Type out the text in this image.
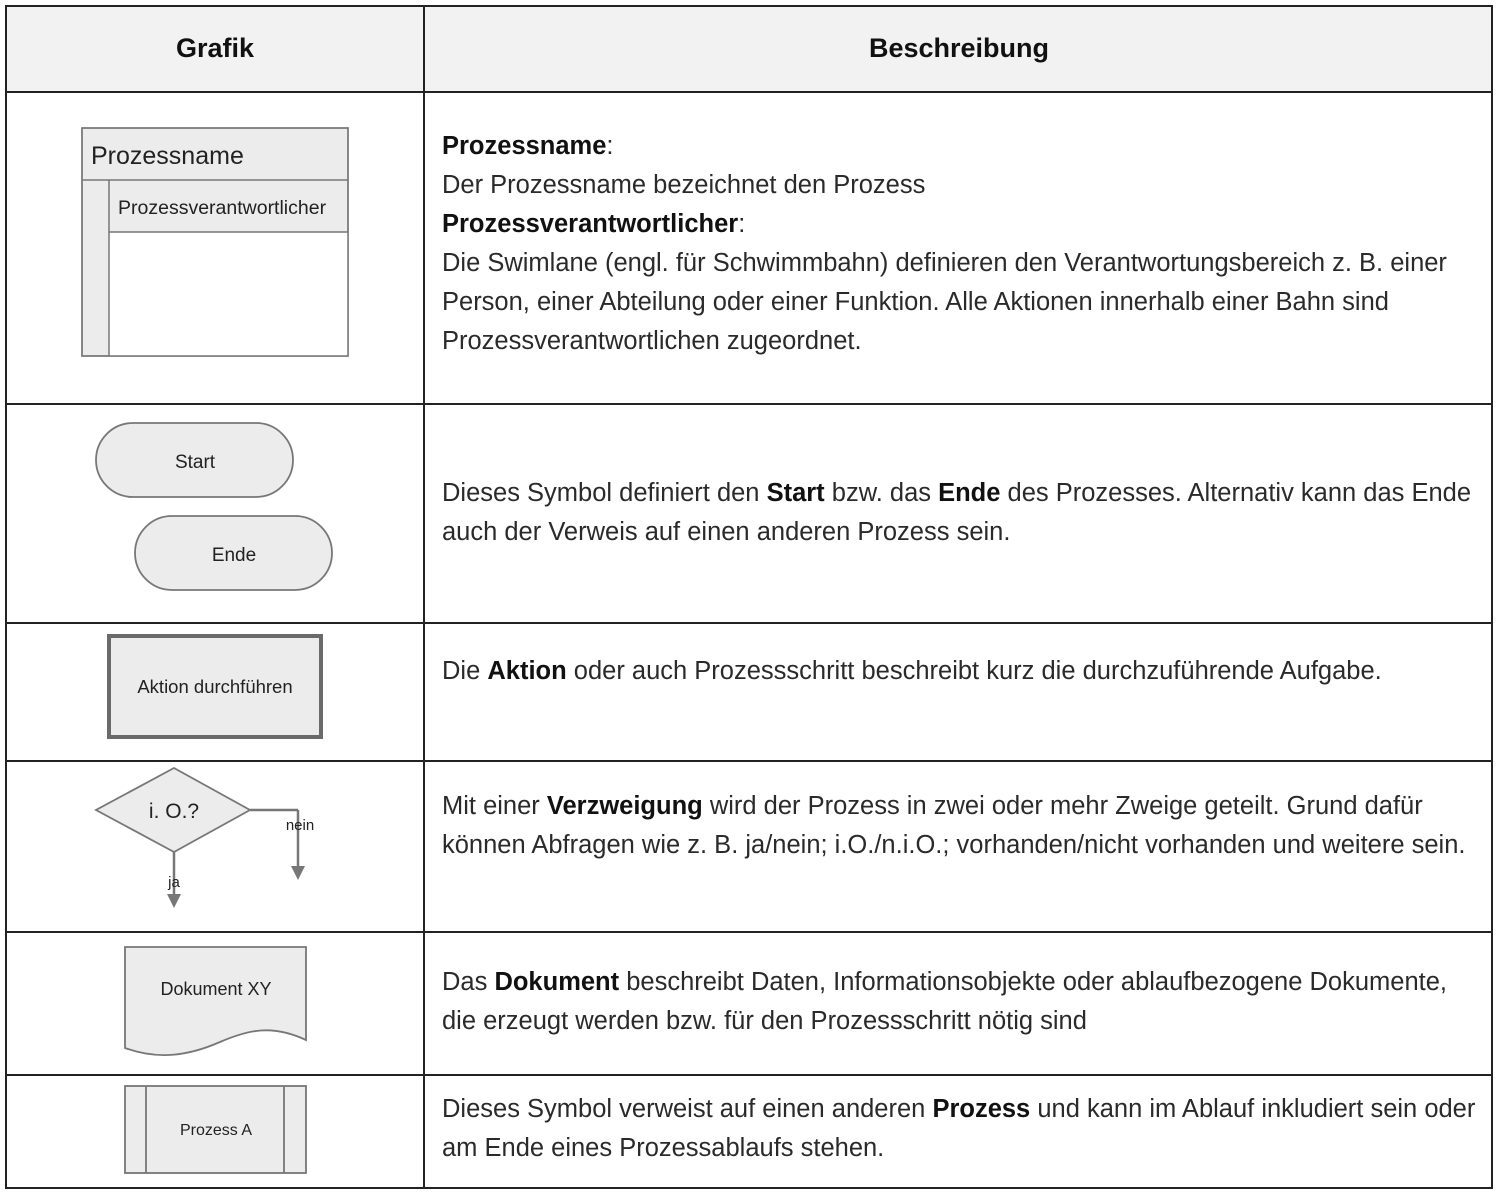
Grafik	Beschreibung
Prozessname
Prozessverantwortlicher
Prozessname:
Der Prozessname bezeichnet den Prozess
Prozessverantwortlicher:
Die Swimlane (engl. für Schwimmbahn) definieren den Verantwortungsbereich z. B. einer Person, einer Abteilung oder einer Funktion. Alle Aktionen innerhalb einer Bahn sind Prozessverantwortlichen zugeordnet.
Start
Ende
Dieses Symbol definiert den Start bzw. das Ende des Prozesses. Alternativ kann das Ende auch der Verweis auf einen anderen Prozess sein.
Aktion durchführen
Die Aktion oder auch Prozessschritt beschreibt kurz die durchzuführende Aufgabe.
i. O.?
nein
ja
Mit einer Verzweigung wird der Prozess in zwei oder mehr Zweige geteilt. Grund dafür können Abfragen wie z. B. ja/nein; i.O./n.i.O.; vorhanden/nicht vorhanden und weitere sein.
Dokument XY	Das Dokument beschreibt Daten, Informationsobjekte oder ablaufbezogene Dokumente, die erzeugt werden bzw. für den Prozessschritt nötig sind
Prozess A
Dieses Symbol verweist auf einen anderen Prozess und kann im Ablauf inkludiert sein oder am Ende eines Prozessablaufs stehen.
